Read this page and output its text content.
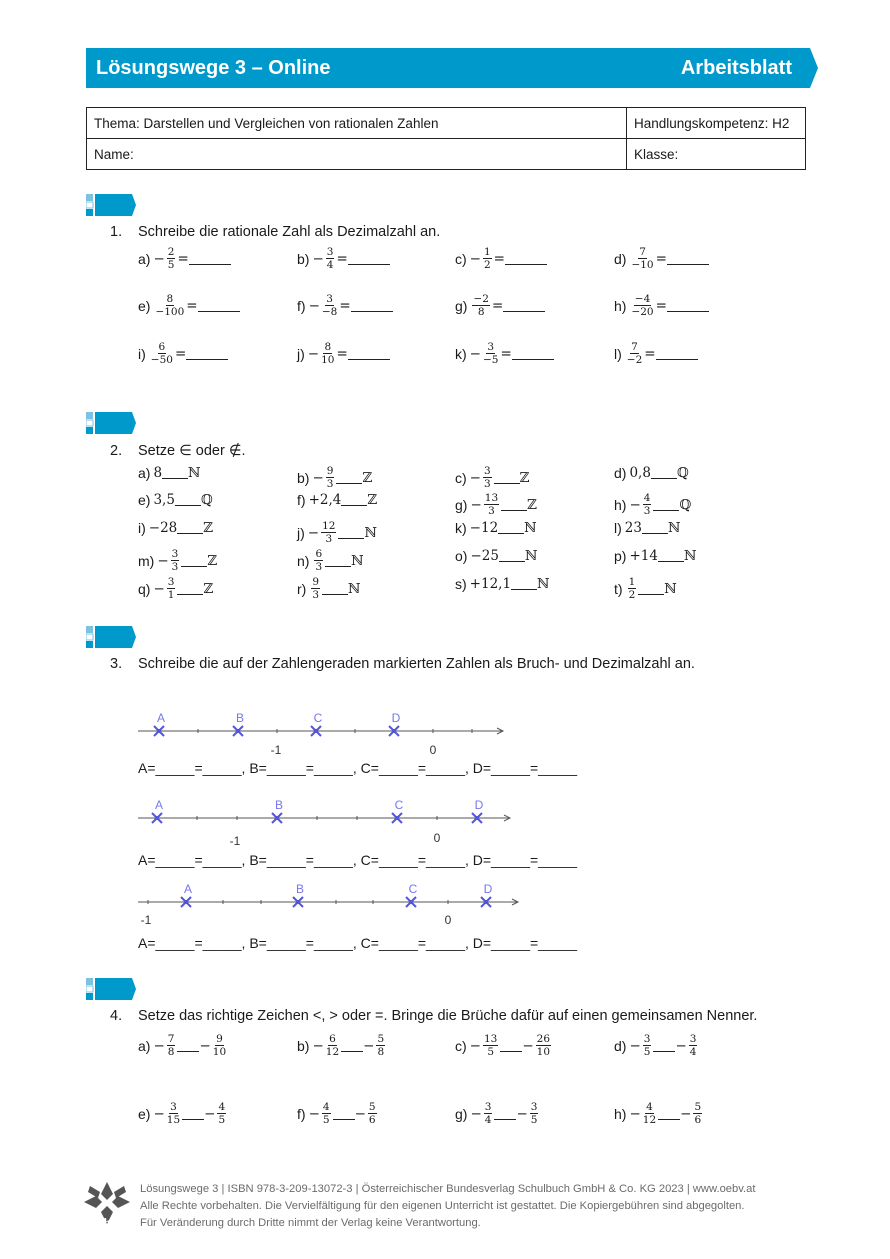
Lösungswege 3 – Online	Arbeitsblatt
Thema: Darstellen und Vergleichen von rationalen Zahlen	Handlungskompetenz: H2
Name:	Klasse:
1. Schreibe die rationale Zahl als Dezimalzahl an.
$a) - \frac{2}{5}$ =	$b) - \frac{3}{4}$ =	$c) - \frac{1}{2}$ =	$d) \frac{7}{-10}$ =
$e) \frac{8}{-100}$ =	$f) - \frac{3}{-8}$ =	$g) \frac{-2}{8}$ =	$h) \frac{-4}{-20}$ =
$i) \frac{6}{-50}$ =	$j) - \frac{8}{10}$ =	$k) - \frac{3}{-5}$ =	$l) \frac{7}{-2}$ =
2. Setze ∈ oder ∉.
a) 8 ℕ	$b) - \frac{9}{3}$ ℤ	$c) - \frac{3}{3}$ ℤ	d) 0,8 ℚ
e) 3,5 ℚ	f) +2,4 ℤ	$g) - \frac{13}{3}$ ℤ	$h) - \frac{4}{3}$ ℚ
i) −28 ℤ	$j) - \frac{12}{3}$ ℕ	k) −12 ℕ	l) 23 ℕ
$m) - \frac{3}{3}$ ℤ	$n) \frac{6}{3}$ ℕ	o) −25 ℕ	p) +14 ℕ
$q) - \frac{3}{1}$ ℤ	$r) \frac{9}{3}$ ℕ	s) +12,1 ℕ	$t) \frac{1}{2}$ ℕ
3. Schreibe die auf der Zahlengeraden markierten Zahlen als Bruch- und Dezimalzahl an.
A	B	C	D
-1	0
A	B	C	D
-1	0
A	B	C	D
-1	0
A=_____=_____, B=_____=_____, C=_____=_____, D=_____=_____
A=_____=_____, B=_____=_____, C=_____=_____, D=_____=_____
A=_____=_____, B=_____=_____, C=_____=_____, D=_____=_____
4. Setze das richtige Zeichen <, > oder =. Bringe die Brüche dafür auf einen gemeinsamen Nenner.
$a) - \frac{7}{8} - \frac{9}{10}$	$b) - \frac{6}{12} - \frac{5}{8}$	$c) - \frac{13}{5} - \frac{26}{10}$	$d) - \frac{3}{5} - \frac{3}{4}$
$e) - \frac{3}{15} - \frac{4}{5}$	$f) - \frac{4}{5} - \frac{5}{6}$	$g) - \frac{3}{4} - \frac{3}{5}$	$h) - \frac{4}{12} - \frac{5}{6}$
öbv
Lösungswege 3 | ISBN 978-3-209-13072-3 | Österreichischer Bundesverlag Schulbuch GmbH & Co. KG 2023 | www.oebv.at
Alle Rechte vorbehalten. Die Vervielfältigung für den eigenen Unterricht ist gestattet. Die Kopiergebühren sind abgegolten.
Für Veränderung durch Dritte nimmt der Verlag keine Verantwortung.
